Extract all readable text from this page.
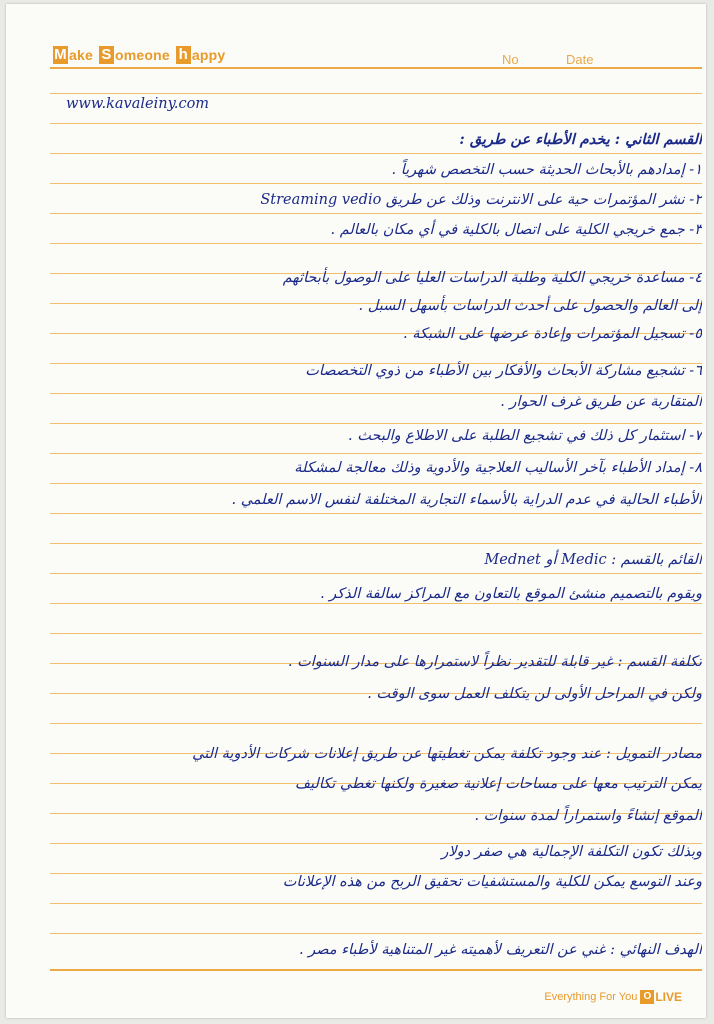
M ake S omeone h appy	No	Date
www.kavaleiny.com
القسم الثاني : يخدم الأطباء عن طريق :
١- إمدادهم بالأبحاث الحديثة حسب التخصص شهرياً .
٢- نشر المؤتمرات حية على الانترنت وذلك عن طريق Streaming vedio
٣- جمع خريجي الكلية على اتصال بالكلية في أي مكان بالعالم .
٤- مساعدة خريجي الكلية وطلبة الدراسات العليا على الوصول بأبحاثهم
إلى العالم والحصول على أحدث الدراسات بأسهل السبل .
٥- تسجيل المؤتمرات وإعادة عرضها على الشبكة .
٦- تشجيع مشاركة الأبحاث والأفكار بين الأطباء من ذوي التخصصات
المتقاربة عن طريق غرف الحوار .
٧- استثمار كل ذلك في تشجيع الطلبة على الاطلاع والبحث .
٨- إمداد الأطباء بآخر الأساليب العلاجية والأدوية وذلك معالجة لمشكلة
الأطباء الحالية في عدم الدراية بالأسماء التجارية المختلفة لنفس الاسم العلمي .
القائم بالقسم : Medic أو Mednet
ويقوم بالتصميم منشئ الموقع بالتعاون مع المراكز سالفة الذكر .
تكلفة القسم : غير قابلة للتقدير نظراً لاستمرارها على مدار السنوات .
ولكن في المراحل الأولى لن يتكلف العمل سوى الوقت .
مصادر التمويل : عند وجود تكلفة يمكن تغطيتها عن طريق إعلانات شركات الأدوية التي
يمكن الترتيب معها على مساحات إعلانية صغيرة ولكنها تغطي تكاليف
الموقع إنشاءً واستمراراً لمدة سنوات .
وبذلك تكون التكلفة الإجمالية هي صفر دولار
وعند التوسع يمكن للكلية والمستشفيات تحقيق الربح من هذه الإعلانات
الهدف النهائي : غني عن التعريف لأهميته غير المتناهية لأطباء مصر .
Everything For You O LIVE
